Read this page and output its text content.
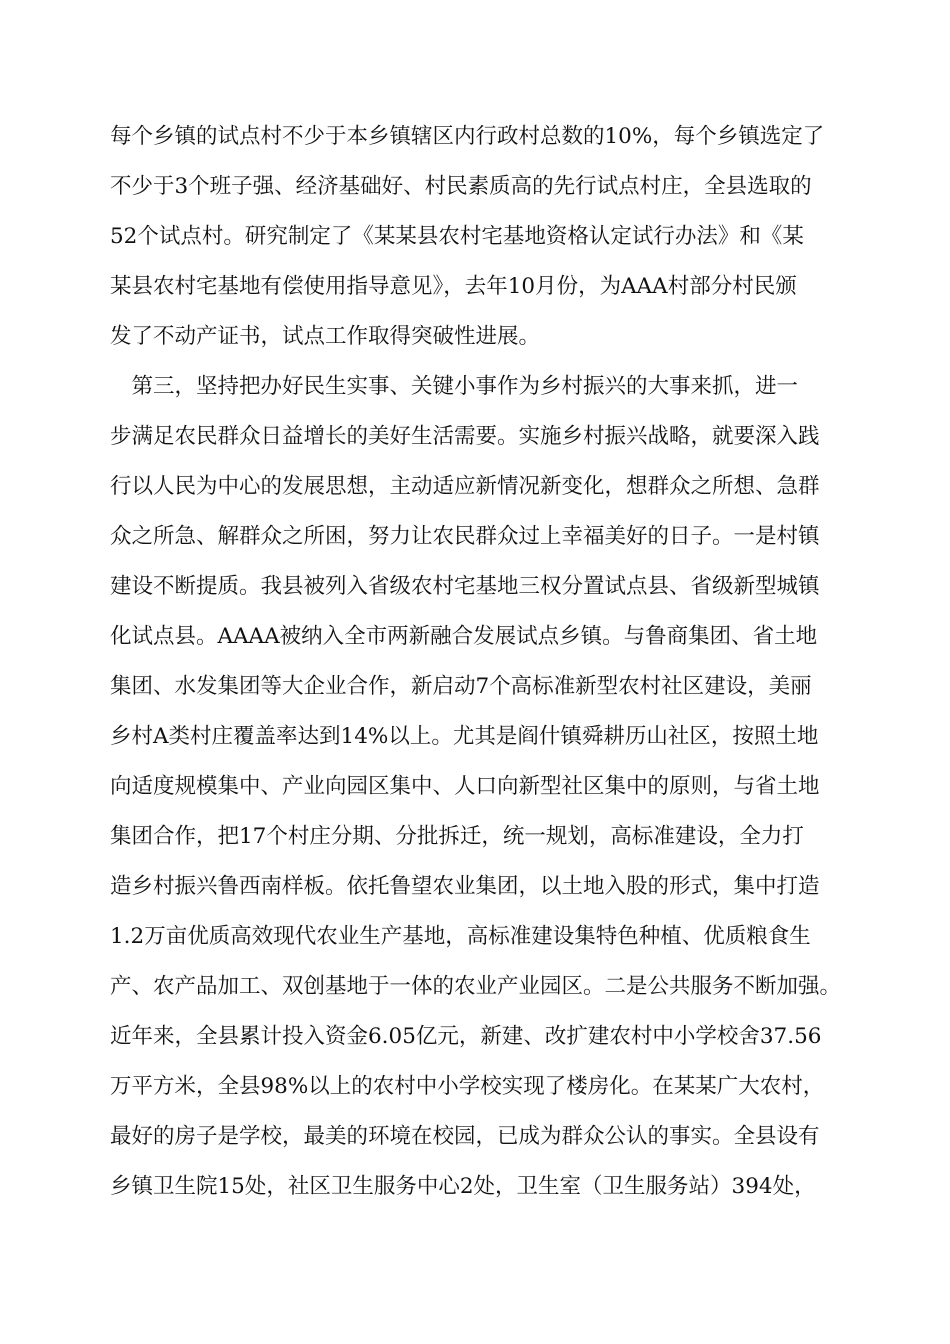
每个乡镇的试点村不少于本乡镇辖区内行政村总数的10%，每个乡镇选定了

不少于3个班子强、经济基础好、村民素质高的先行试点村庄，全县选取的

52个试点村。研究制定了《某某县农村宅基地资格认定试行办法》和《某

某县农村宅基地有偿使用指导意见》，去年10月份，为AAA村部分村民颁

发了不动产证书，试点工作取得突破性进展。

　第三，坚持把办好民生实事、关键小事作为乡村振兴的大事来抓，进一

步满足农民群众日益增长的美好生活需要。实施乡村振兴战略，就要深入践

行以人民为中心的发展思想，主动适应新情况新变化，想群众之所想、急群

众之所急、解群众之所困，努力让农民群众过上幸福美好的日子。一是村镇

建设不断提质。我县被列入省级农村宅基地三权分置试点县、省级新型城镇

化试点县。AAAA被纳入全市两新融合发展试点乡镇。与鲁商集团、省土地

集团、水发集团等大企业合作，新启动7个高标准新型农村社区建设，美丽

乡村A类村庄覆盖率达到14%以上。尤其是阎什镇舜耕历山社区，按照土地

向适度规模集中、产业向园区集中、人口向新型社区集中的原则，与省土地

集团合作，把17个村庄分期、分批拆迁，统一规划，高标准建设，全力打

造乡村振兴鲁西南样板。依托鲁望农业集团，以土地入股的形式，集中打造

1.2万亩优质高效现代农业生产基地，高标准建设集特色种植、优质粮食生

产、农产品加工、双创基地于一体的农业产业园区。二是公共服务不断加强。

近年来，全县累计投入资金6.05亿元，新建、改扩建农村中小学校舍37.56

万平方米，全县98%以上的农村中小学校实现了楼房化。在某某广大农村，

最好的房子是学校，最美的环境在校园，已成为群众公认的事实。全县设有

乡镇卫生院15处，社区卫生服务中心2处，卫生室（卫生服务站）394处，
